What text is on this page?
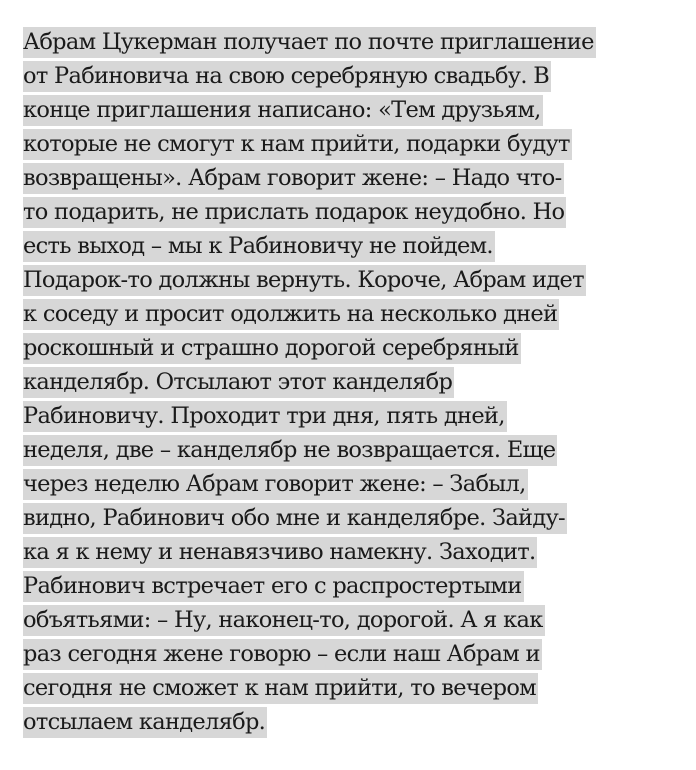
Абрам Цукерман получает по почте приглашение
от Рабиновича на свою серебряную свадьбу. В
конце приглашения написано: «Тем друзьям,
которые не смогут к нам прийти, подарки будут
возвращены». Абрам говорит жене: – Надо что-
то подарить, не прислать подарок неудобно. Но
есть выход – мы к Рабиновичу не пойдем.
Подарок-то должны вернуть. Короче, Абрам идет
к соседу и просит одолжить на несколько дней
роскошный и страшно дорогой серебряный
канделябр. Отсылают этот канделябр
Рабиновичу. Проходит три дня, пять дней,
неделя, две – канделябр не возвращается. Еще
через неделю Абрам говорит жене: – Забыл,
видно, Рабинович обо мне и канделябре. Зайду-
ка я к нему и ненавязчиво намекну. Заходит.
Рабинович встречает его с распростертыми
объятьями: – Ну, наконец-то, дорогой. А я как
раз сегодня жене говорю – если наш Абрам и
сегодня не сможет к нам прийти, то вечером
отсылаем канделябр.
